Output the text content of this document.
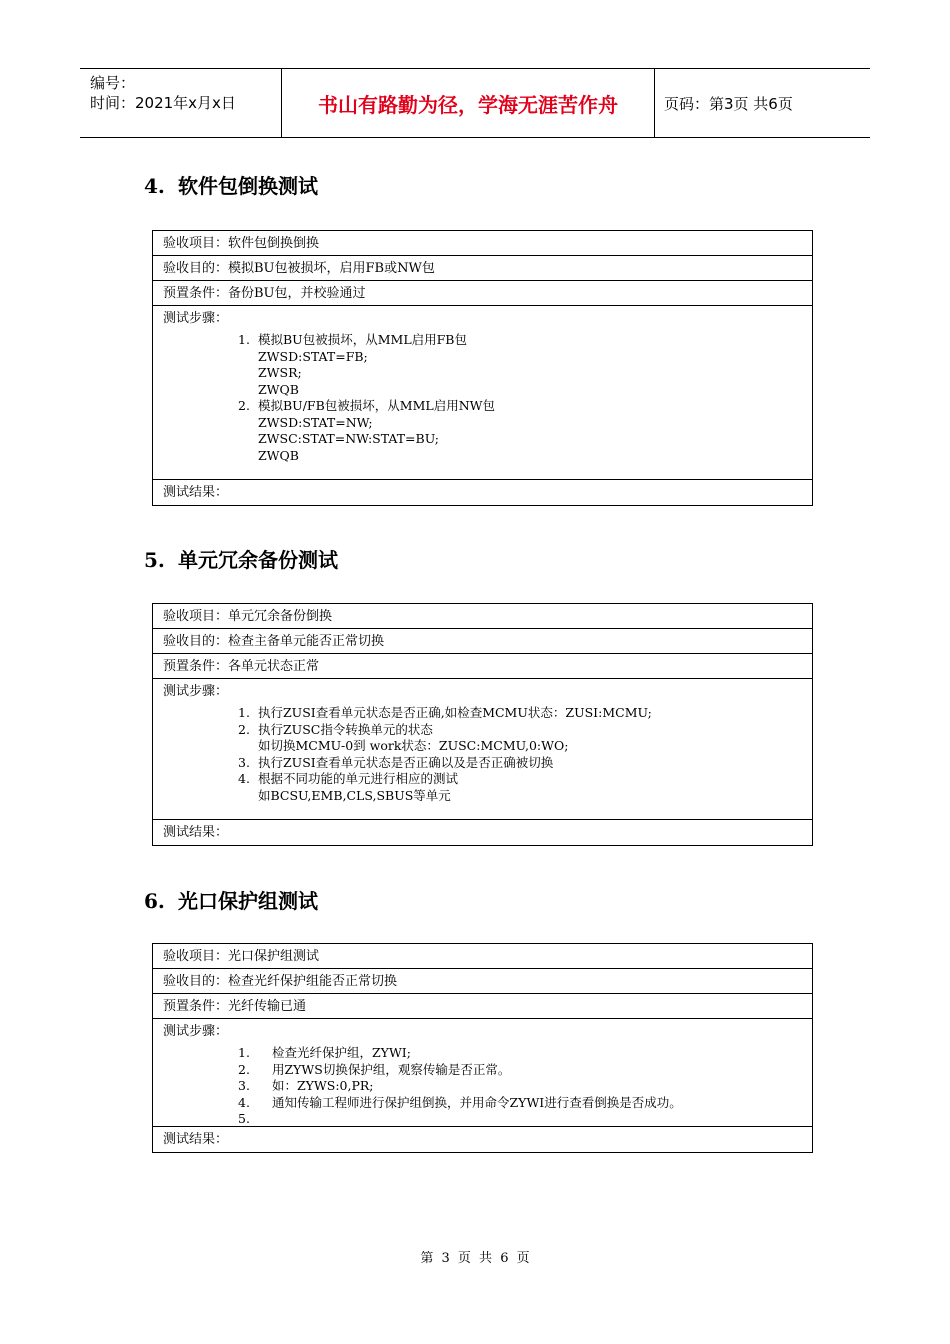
编号：
时间：2021年x月x日	书山有路勤为径，学海无涯苦作舟	页码：第3页 共6页
4. 软件包倒换测试
验收项目：软件包倒换倒换
验收目的：模拟BU包被损坏，启用FB或NW包
预置条件：备份BU包，并校验通过
测试步骤：
1. 模拟BU包被损坏，从MML启用FB包
ZWSD:STAT=FB;
ZWSR;
ZWQB
2. 模拟BU/FB包被损坏，从MML启用NW包
ZWSD:STAT=NW;
ZWSC:STAT=NW:STAT=BU;
ZWQB
测试结果：
5. 单元冗余备份测试
验收项目：单元冗余备份倒换
验收目的：检查主备单元能否正常切换
预置条件：各单元状态正常
测试步骤：
1. 执行ZUSI查看单元状态是否正确,如检查MCMU状态：ZUSI:MCMU;
2. 执行ZUSC指令转换单元的状态
如切换MCMU-0到 work状态：ZUSC:MCMU,0:WO;
3. 执行ZUSI查看单元状态是否正确以及是否正确被切换
4. 根据不同功能的单元进行相应的测试
如BCSU,EMB,CLS,SBUS等单元
测试结果：
6. 光口保护组测试
验收项目：光口保护组测试
验收目的：检查光纤保护组能否正常切换
预置条件：光纤传输已通
测试步骤：
1. 检查光纤保护组，ZYWI;
2. 用ZYWS切换保护组，观察传输是否正常。
3. 如：ZYWS:0,PR;
4. 通知传输工程师进行保护组倒换，并用命令ZYWI进行查看倒换是否成功。
5.
测试结果：
第 3 页 共 6 页
